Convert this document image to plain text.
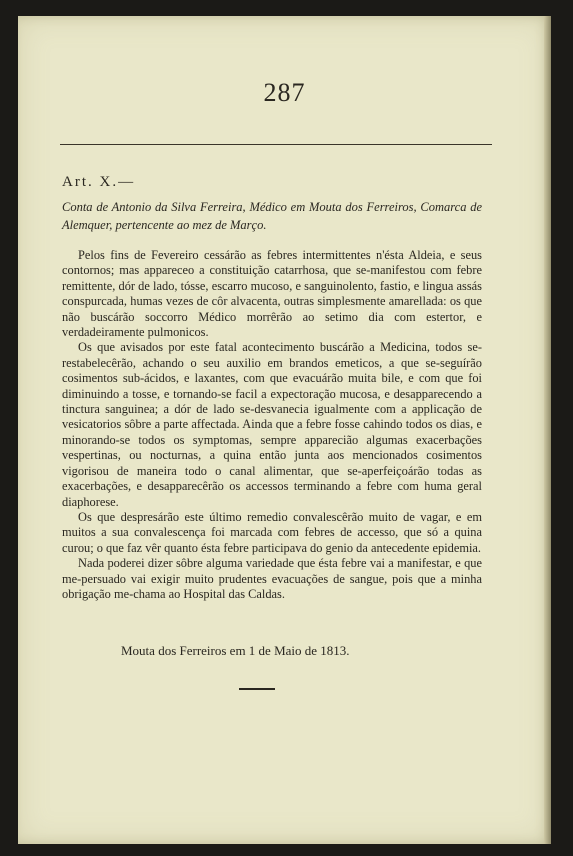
287
Art. X.—
Conta de Antonio da Silva Ferreira, Médico em Mouta dos Ferreiros, Comarca de Alemquer, pertencente ao mez de Março.

Pelos fins de Fevereiro cessárão as febres intermittentes n'ésta Aldeia, e seus contornos; mas appareceo a constituição catarrhosa, que se-manifestou com febre remittente, dór de lado, tósse, escarro mucoso, e sanguinolento, fastio, e lingua assás conspurcada, humas vezes de côr alvacenta, outras simplesmente amarellada: os que não buscárão soccorro Médico morrêrão ao setimo dia com estertor, e verdadeiramente pulmonicos.

Os que avisados por este fatal acontecimento buscárão a Medicina, todos se-restabelecêrão, achando o seu auxilio em brandos emeticos, a que se-seguírão cosimentos sub-ácidos, e laxantes, com que evacuárão muita bile, e com que foi diminuindo a tosse, e tornando-se facil a expectoração mucosa, e desapparecendo a tinctura sanguinea; a dór de lado se-desvanecia igualmente com a applicação de vesicatorios sôbre a parte affectada. Ainda que a febre fosse cahindo todos os dias, e minorando-se todos os symptomas, sempre apparecião algumas exacerbações vespertinas, ou nocturnas, a quina então junta aos mencionados cosimentos vigorisou de maneira todo o canal alimentar, que se-aperfeiçoárão todas as exacerbações, e desapparecêrão os accessos terminando a febre com huma geral diaphorese.

Os que despresárão este último remedio convalescêrão muito de vagar, e em muitos a sua convalescença foi marcada com febres de accesso, que só a quina curou; o que faz vêr quanto ésta febre participava do genio da antecedente epidemia.

Nada poderei dizer sôbre alguma variedade que ésta febre vai a manifestar, e que me-persuado vai exigir muito prudentes evacuações de sangue, pois que a minha obrigação me-chama ao Hospital das Caldas.

Mouta dos Ferreiros em 1 de Maio de 1813.
